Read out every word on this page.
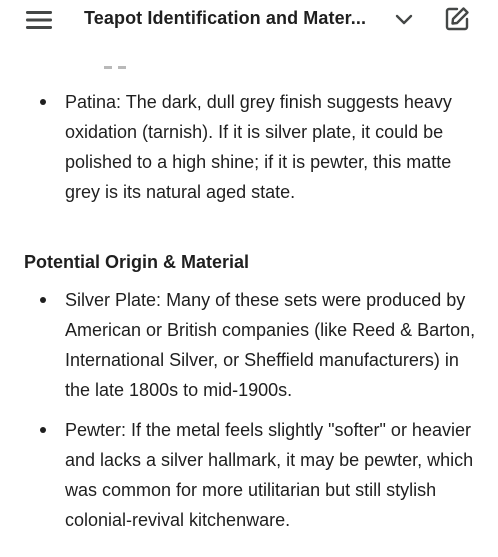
Teapot Identification and Mater...
Patina: The dark, dull grey finish suggests heavy oxidation (tarnish). If it is silver plate, it could be polished to a high shine; if it is pewter, this matte grey is its natural aged state.
Potential Origin & Material
Silver Plate: Many of these sets were produced by American or British companies (like Reed & Barton, International Silver, or Sheffield manufacturers) in the late 1800s to mid-1900s.
Pewter: If the metal feels slightly "softer" or heavier and lacks a silver hallmark, it may be pewter, which was common for more utilitarian but still stylish colonial-revival kitchenware.
